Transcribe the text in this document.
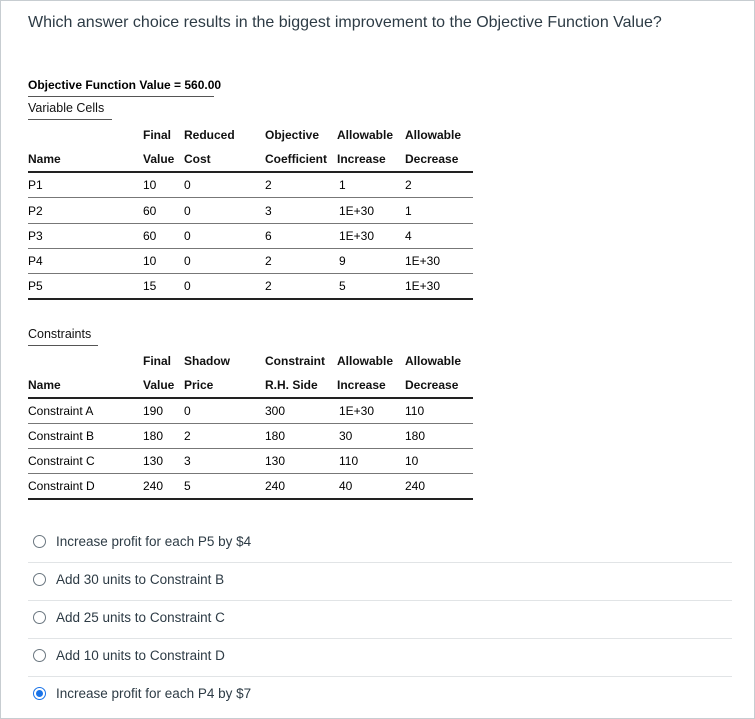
Which answer choice results in the biggest improvement to the Objective Function Value?
Objective Function Value = 560.00
Variable Cells
Final Reduced	Objective Allowable Allowable
Name	Value Cost	Coefficient Increase Decrease
P1	10 0	2	1	2
P2	60 0	3	1E+30	1
P3	60 0	6	1E+30	4
P4	10 0	2	9	1E+30
P5	15 0	2	5	1E+30
Constraints
Final Shadow	Constraint Allowable Allowable
Name	Value Price	R.H. Side Increase Decrease
Constraint A	190 0	300	1E+30	110
Constraint B	180 2	180	30	180
Constraint C	130 3	130	110	10
Constraint D	240 5	240	40	240
Increase profit for each P5 by $4
Add 30 units to Constraint B
Add 25 units to Constraint C
Add 10 units to Constraint D
Increase profit for each P4 by $7
